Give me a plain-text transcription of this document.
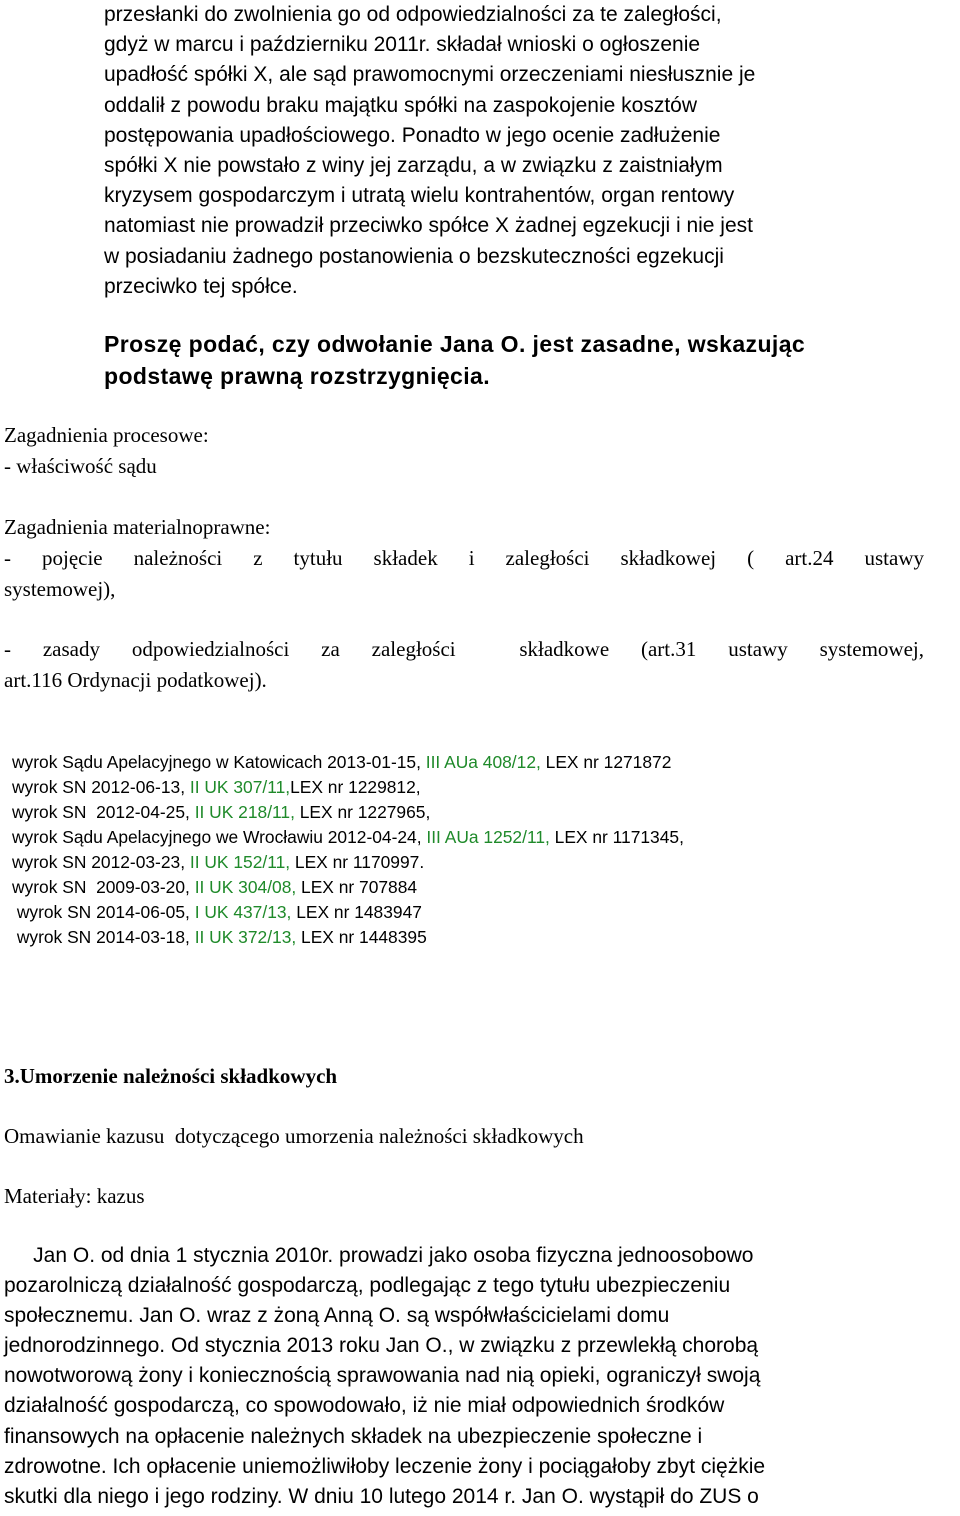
przesłanki do zwolnienia go od odpowiedzialności za te zaległości,
gdyż w marcu i październiku 2011r. składał wnioski o ogłoszenie
upadłość spółki X, ale sąd prawomocnymi orzeczeniami niesłusznie je
oddalił z powodu braku majątku spółki na zaspokojenie kosztów
postępowania upadłościowego. Ponadto w jego ocenie zadłużenie
spółki X nie powstało z winy jej zarządu, a w związku z zaistniałym
kryzysem gospodarczym i utratą wielu kontrahentów, organ rentowy
natomiast nie prowadził przeciwko spółce X żadnej egzekucji i nie jest
w posiadaniu żadnego postanowienia o bezskuteczności egzekucji
przeciwko tej spółce.
Proszę podać, czy odwołanie Jana O. jest zasadne, wskazując
podstawę prawną rozstrzygnięcia.
Zagadnienia procesowe:
- właściwość sądu
Zagadnienia materialnoprawne:
- pojęcie należności z tytułu składek i zaległości składkowej ( art.24 ustawy
systemowej),
- zasady odpowiedzialności za zaległości  składkowe (art.31 ustawy systemowej,
art.116 Ordynacji podatkowej).
wyrok Sądu Apelacyjnego w Katowicach 2013-01-15, III AUa 408/12, LEX nr 1271872
wyrok SN 2012-06-13, II UK 307/11,LEX nr 1229812,
wyrok SN  2012-04-25, II UK 218/11, LEX nr 1227965,
wyrok Sądu Apelacyjnego we Wrocławiu 2012-04-24, III AUa 1252/11, LEX nr 1171345,
wyrok SN 2012-03-23, II UK 152/11, LEX nr 1170997.
wyrok SN  2009-03-20, II UK 304/08, LEX nr 707884
wyrok SN 2014-06-05, I UK 437/13, LEX nr 1483947
wyrok SN 2014-03-18, II UK 372/13, LEX nr 1448395
3.Umorzenie należności składkowych
Omawianie kazusu  dotyczącego umorzenia należności składkowych
Materiały: kazus
Jan O. od dnia 1 stycznia 2010r. prowadzi jako osoba fizyczna jednoosobowo
pozarolniczą działalność gospodarczą, podlegając z tego tytułu ubezpieczeniu
społecznemu. Jan O. wraz z żoną Anną O. są współwłaścicielami domu
jednorodzinnego. Od stycznia 2013 roku Jan O., w związku z przewlekłą chorobą
nowotworową żony i koniecznością sprawowania nad nią opieki, ograniczył swoją
działalność gospodarczą, co spowodowało, iż nie miał odpowiednich środków
finansowych na opłacenie należnych składek na ubezpieczenie społeczne i
zdrowotne. Ich opłacenie uniemożliwiłoby leczenie żony i pociągałoby zbyt ciężkie
skutki dla niego i jego rodziny. W dniu 10 lutego 2014 r. Jan O. wystąpił do ZUS o
